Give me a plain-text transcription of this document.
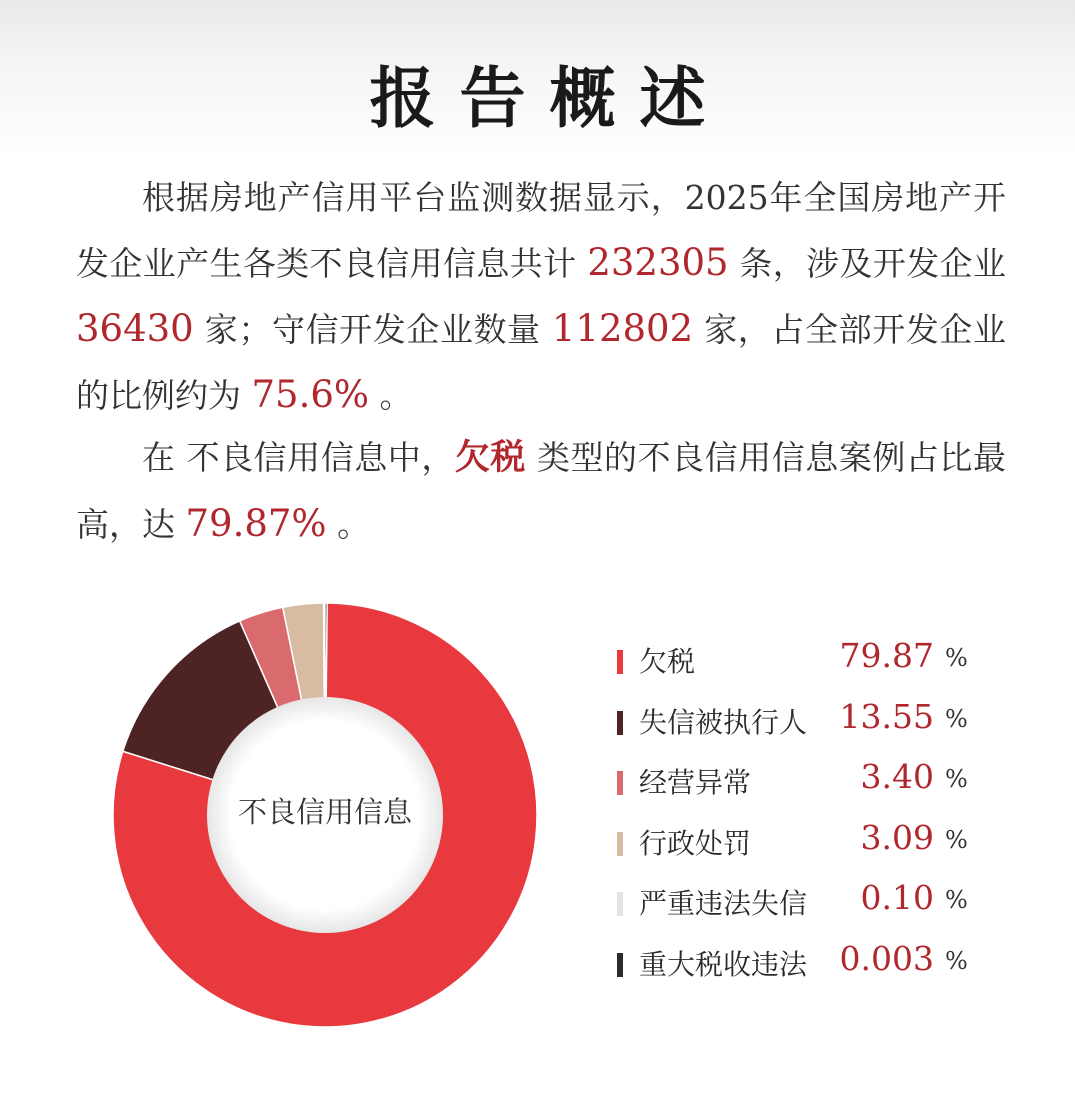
报告概述

根据房地产信用平台监测数据显示，2025年全国房地产开发企业产生各类不良信用信息共计 232305 条，涉及开发企业 36430 家；守信开发企业数量 112802 家，占全部开发企业的比例约为 75.6% 。

在 不良信用信息中，欠税 类型的不良信用信息案例占比最高，达 79.87% 。

不良信用信息
欠税	79.87 %
失信被执行人 13.55 %
经营异常	3.40 %
行政处罚	3.09 %
严重违法失信 0.10 %
重大税收违法 0.003 %
